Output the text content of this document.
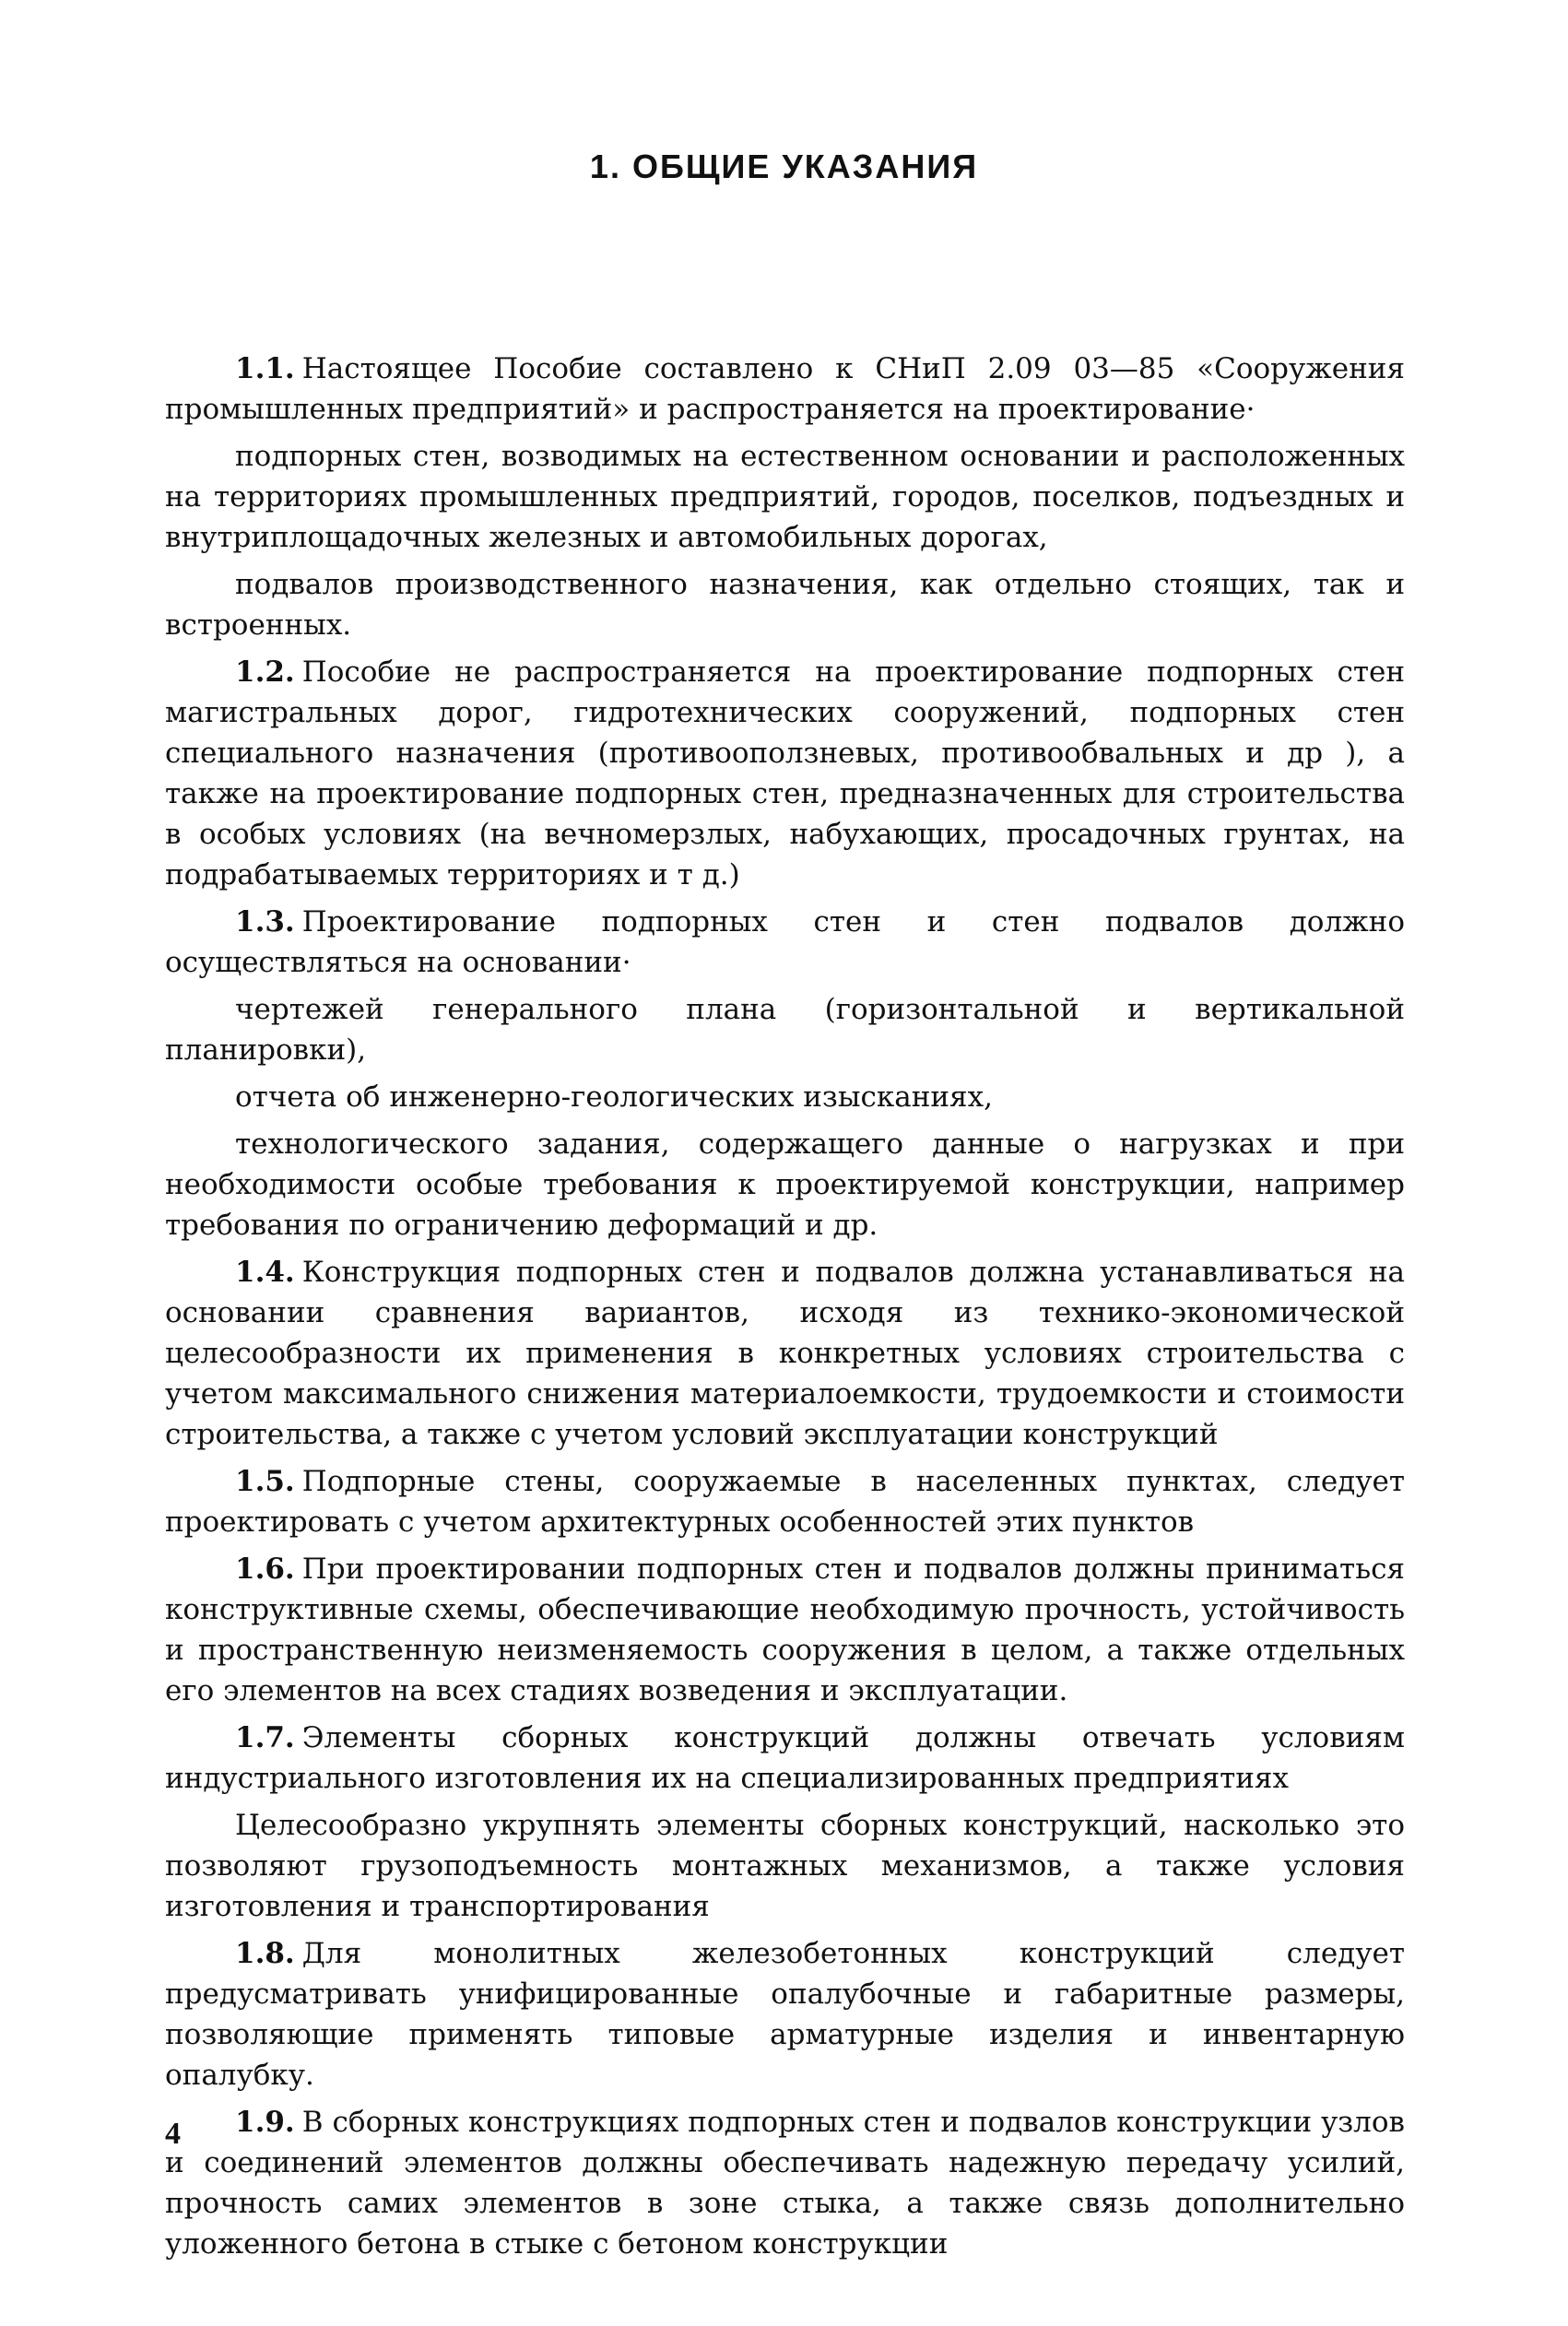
1. ОБЩИЕ УКАЗАНИЯ

1.1. Настоящее Пособие составлено к СНиП 2.09 03—85 «Сооружения промышленных предприятий» и распространяется на проектирование·

подпорных стен, возводимых на естественном основании и расположенных на территориях промышленных предприятий, городов, поселков, подъездных и внутриплощадочных железных и автомобильных дорогах,

подвалов производственного назначения, как отдельно стоящих, так и встроенных.

1.2. Пособие не распространяется на проектирование подпорных стен магистральных дорог, гидротехнических сооружений, подпорных стен специального назначения (противооползневых, противообвальных и др ), а также на проектирование подпорных стен, предназначенных для строительства в особых условиях (на вечномерзлых, набухающих, просадочных грунтах, на подрабатываемых территориях и т д.)

1.3. Проектирование подпорных стен и стен подвалов должно осуществляться на основании·

чертежей генерального плана (горизонтальной и вертикальной планировки),

отчета об инженерно-геологических изысканиях,

технологического задания, содержащего данные о нагрузках и при необходимости особые требования к проектируемой конструкции, например требования по ограничению деформаций и др.

1.4. Конструкция подпорных стен и подвалов должна устанавливаться на основании сравнения вариантов, исходя из технико-экономической целесообразности их применения в конкретных условиях строительства с учетом максимального снижения материалоемкости, трудоемкости и стоимости строительства, а также с учетом условий эксплуатации конструкций

1.5. Подпорные стены, сооружаемые в населенных пунктах, следует проектировать с учетом архитектурных особенностей этих пунктов

1.6. При проектировании подпорных стен и подвалов должны приниматься конструктивные схемы, обеспечивающие необходимую прочность, устойчивость и пространственную неизменяемость сооружения в целом, а также отдельных его элементов на всех стадиях возведения и эксплуатации.

1.7. Элементы сборных конструкций должны отвечать условиям индустриального изготовления их на специализированных предприятиях

Целесообразно укрупнять элементы сборных конструкций, насколько это позволяют грузоподъемность монтажных механизмов, а также условия изготовления и транспортирования

1.8. Для монолитных железобетонных конструкций следует предусматривать унифицированные опалубочные и габаритные размеры, позволяющие применять типовые арматурные изделия и инвентарную опалубку.

1.9. В сборных конструкциях подпорных стен и подвалов конструкции узлов и соединений элементов должны обеспечивать надежную передачу усилий, прочность самих элементов в зоне стыка, а также связь дополнительно уложенного бетона в стыке с бетоном конструкции

4
